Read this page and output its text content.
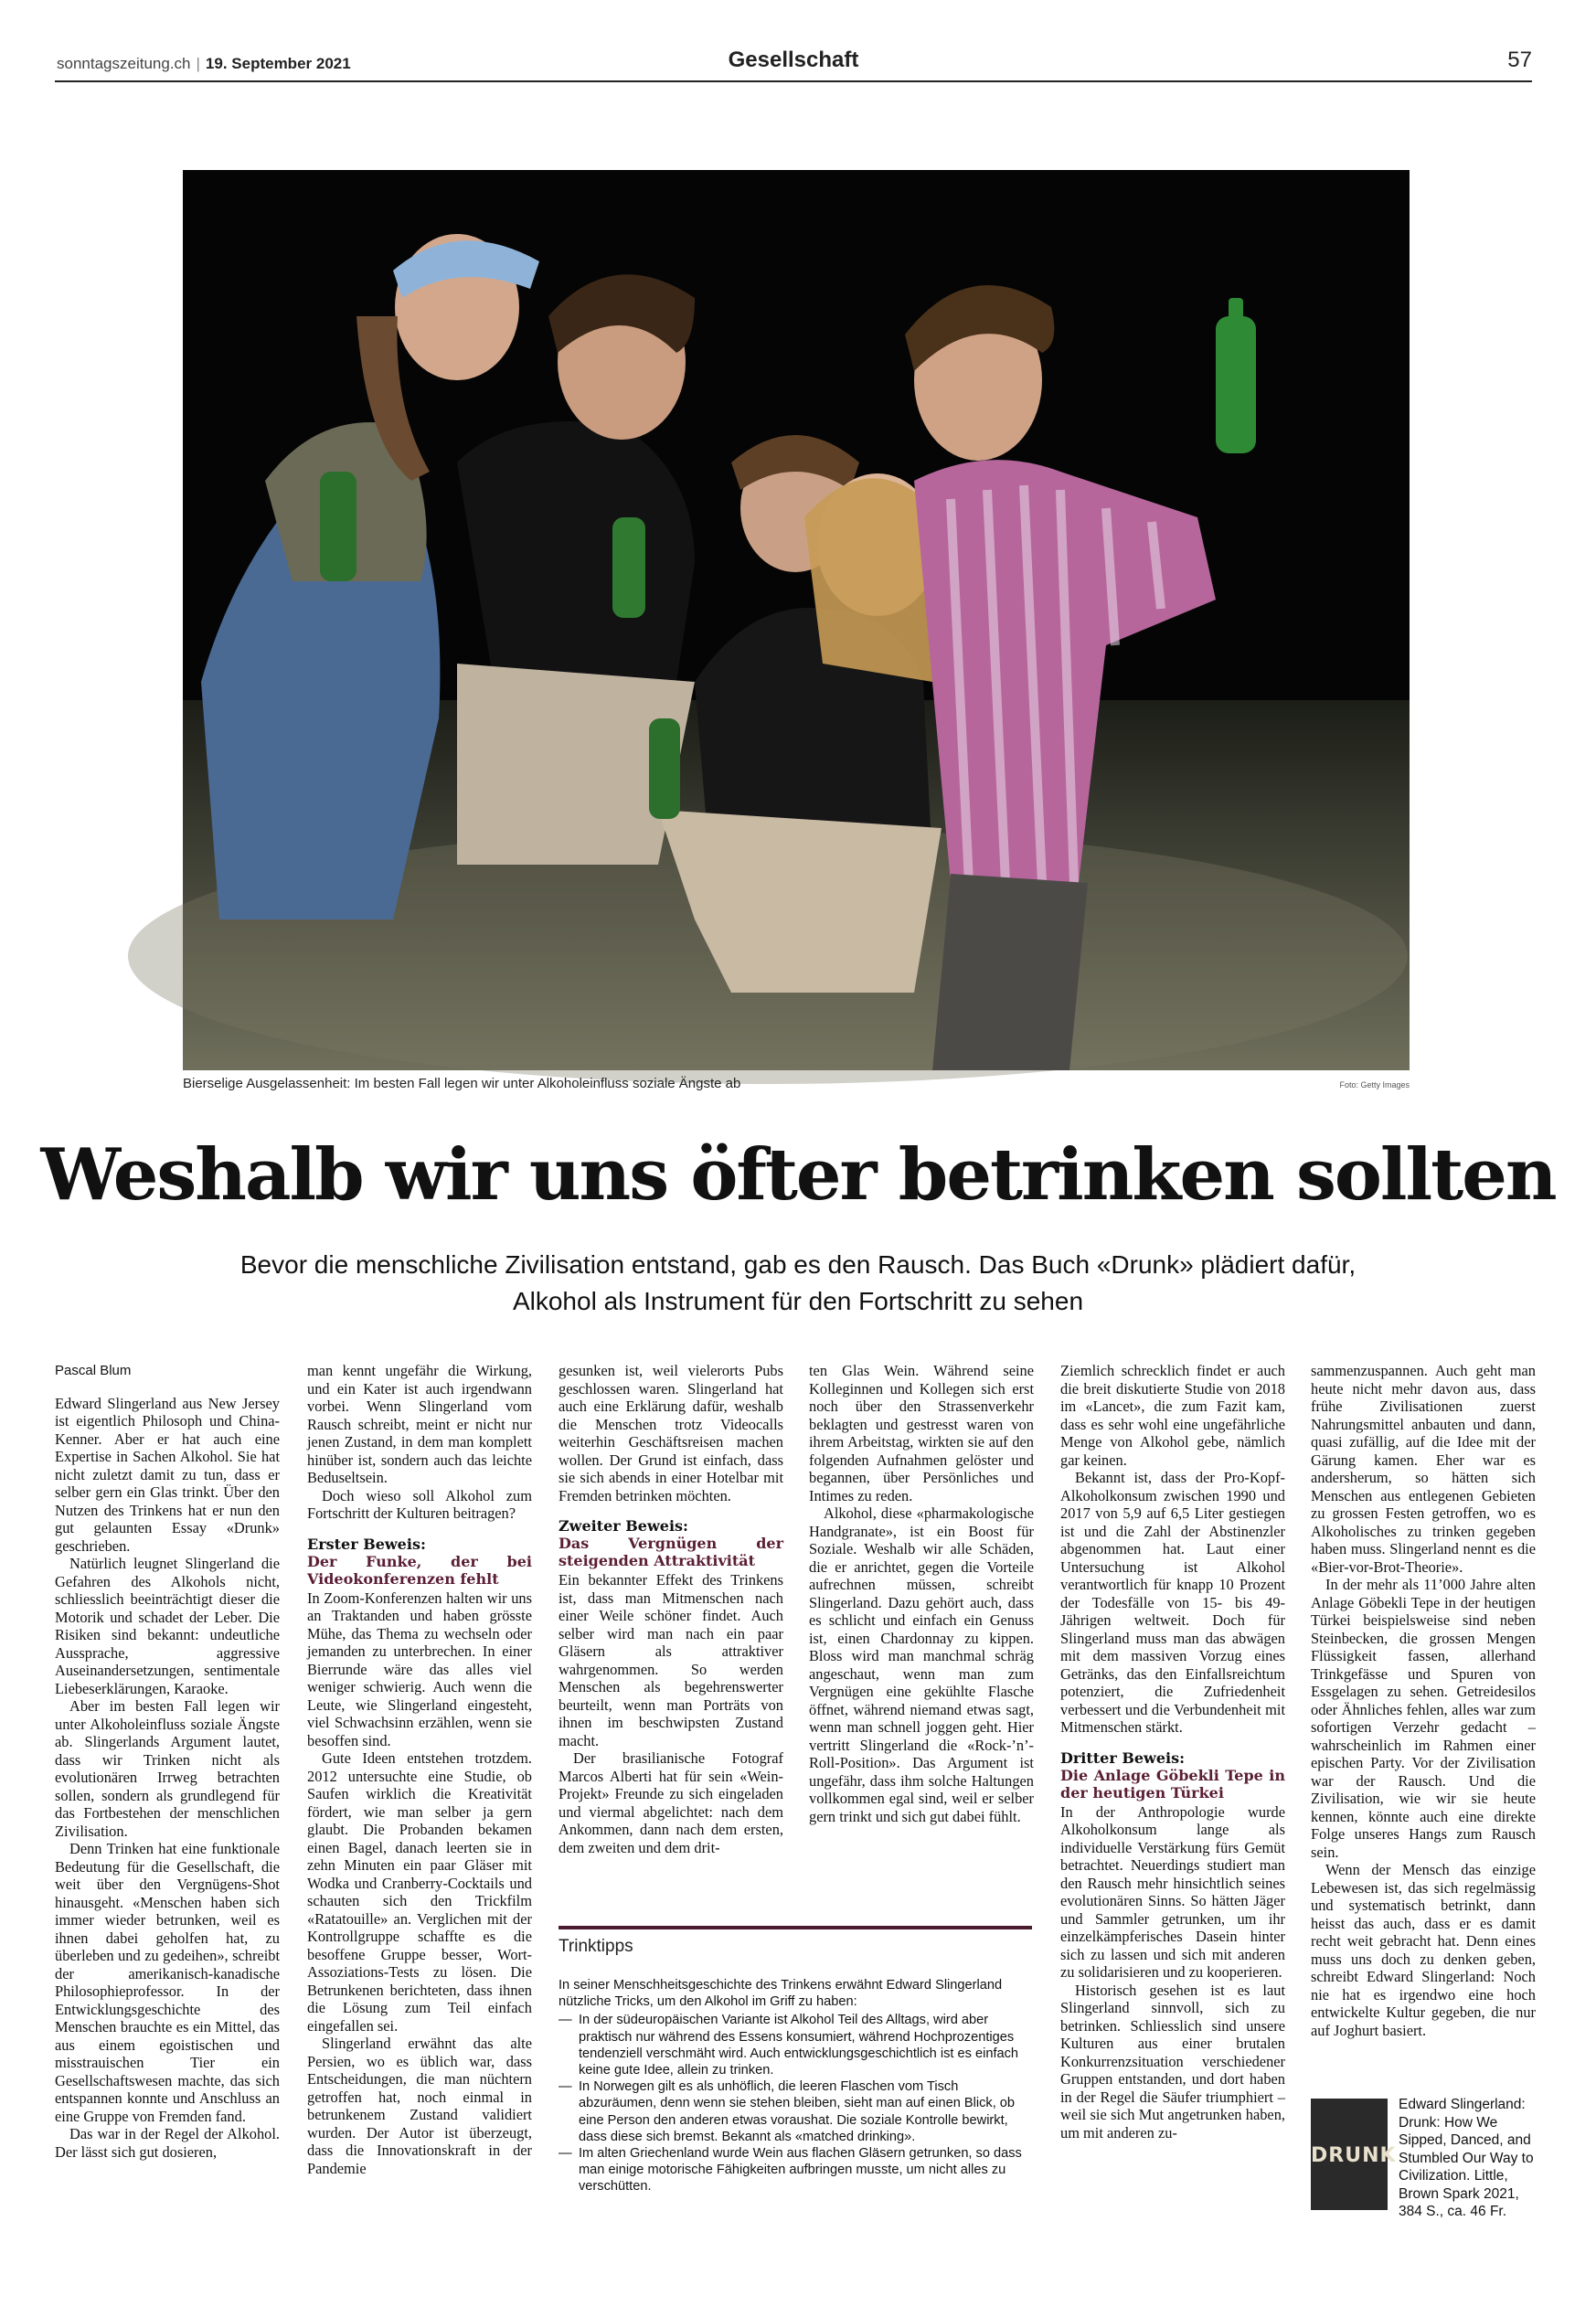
sonntagszeitung.ch | 19. September 2021	Gesellschaft	57
Bierselige Ausgelassenheit: Im besten Fall legen wir unter Alkoholeinfluss soziale Ängste ab	Foto: Getty Images
Weshalb wir uns öfter betrinken sollten
Bevor die menschliche Zivilisation entstand, gab es den Rausch. Das Buch «Drunk» plädiert dafür,
Alkohol als Instrument für den Fortschritt zu sehen

Pascal Blum

Edward Slingerland aus New Jersey ist eigentlich Philosoph und China-Kenner. Aber er hat auch eine Expertise in Sachen Alkohol. Sie hat nicht zuletzt damit zu tun, dass er selber gern ein Glas trinkt. Über den Nutzen des Trinkens hat er nun den gut gelaunten Essay «Drunk» geschrieben.

Natürlich leugnet Slingerland die Gefahren des Alkohols nicht, schliesslich beeinträchtigt dieser die Motorik und schadet der Leber. Die Risiken sind bekannt: undeutliche Aussprache, aggressive Auseinandersetzungen, sentimentale Liebeserklärungen, Karaoke.

Aber im besten Fall legen wir unter Alkoholeinfluss soziale Ängste ab. Slingerlands Argument lautet, dass wir Trinken nicht als evolutionären Irrweg betrachten sollen, sondern als grundlegend für das Fortbestehen der menschlichen Zivilisation.

Denn Trinken hat eine funktionale Bedeutung für die Gesellschaft, die weit über den Vergnügens-Shot hinausgeht. «Menschen haben sich immer wieder betrunken, weil es ihnen dabei geholfen hat, zu überleben und zu gedeihen», schreibt der amerikanisch-kanadische Philosophieprofessor. In der Entwicklungsgeschichte des Menschen brauchte es ein Mittel, das aus einem egoistischen und misstrauischen Tier ein Gesellschaftswesen machte, das sich entspannen konnte und Anschluss an eine Gruppe von Fremden fand.

Das war in der Regel der Alkohol. Der lässt sich gut dosieren,

man kennt ungefähr die Wirkung, und ein Kater ist auch irgendwann vorbei. Wenn Slingerland vom Rausch schreibt, meint er nicht nur jenen Zustand, in dem man komplett hinüber ist, sondern auch das leichte Beduseltsein.

Doch wieso soll Alkohol zum Fortschritt der Kulturen beitragen?

Erster Beweis:
Der Funke, der bei Videokonferenzen fehlt

In Zoom-Konferenzen halten wir uns an Traktanden und haben grösste Mühe, das Thema zu wechseln oder jemanden zu unterbrechen. In einer Bierrunde wäre das alles viel weniger schwierig. Auch wenn die Leute, wie Slingerland eingesteht, viel Schwachsinn erzählen, wenn sie besoffen sind.

Gute Ideen entstehen trotzdem. 2012 untersuchte eine Studie, ob Saufen wirklich die Kreativität fördert, wie man selber ja gern glaubt. Die Probanden bekamen einen Bagel, danach leerten sie in zehn Minuten ein paar Gläser mit Wodka und Cranberry-Cocktails und schauten sich den Trickfilm «Ratatouille» an. Verglichen mit der Kontrollgruppe schaffte es die besoffene Gruppe besser, Wort-Assoziations-Tests zu lösen. Die Betrunkenen berichteten, dass ihnen die Lösung zum Teil einfach eingefallen sei.

Slingerland erwähnt das alte Persien, wo es üblich war, dass Entscheidungen, die man nüchtern getroffen hat, noch einmal in betrunkenem Zustand validiert wurden. Der Autor ist überzeugt, dass die Innovationskraft in der Pandemie

gesunken ist, weil vielerorts Pubs geschlossen waren. Slingerland hat auch eine Erklärung dafür, weshalb die Menschen trotz Videocalls weiterhin Geschäftsreisen machen wollen. Der Grund ist einfach, dass sie sich abends in einer Hotelbar mit Fremden betrinken möchten.

Zweiter Beweis:
Das Vergnügen der steigenden Attraktivität

Ein bekannter Effekt des Trinkens ist, dass man Mitmenschen nach einer Weile schöner findet. Auch selber wird man nach ein paar Gläsern als attraktiver wahrgenommen. So werden Menschen als begehrenswerter beurteilt, wenn man Porträts von ihnen im beschwipsten Zustand macht.

Der brasilianische Fotograf Marcos Alberti hat für sein «Wein-Projekt» Freunde zu sich eingeladen und viermal abgelichtet: nach dem Ankommen, dann nach dem ersten, dem zweiten und dem drit-

ten Glas Wein. Während seine Kolleginnen und Kollegen sich erst noch über den Strassenverkehr beklagten und gestresst waren von ihrem Arbeitstag, wirkten sie auf den folgenden Aufnahmen gelöster und begannen, über Persönliches und Intimes zu reden.

Alkohol, diese «pharmakologische Handgranate», ist ein Boost für Soziale. Weshalb wir alle Schäden, die er anrichtet, gegen die Vorteile aufrechnen müssen, schreibt Slingerland. Dazu gehört auch, dass es schlicht und einfach ein Genuss ist, einen Chardonnay zu kippen. Bloss wird man manchmal schräg angeschaut, wenn man zum Vergnügen eine gekühlte Flasche öffnet, während niemand etwas sagt, wenn man schnell joggen geht. Hier vertritt Slingerland die «Rock-’n’-Roll-Position». Das Argument ist ungefähr, dass ihm solche Haltungen vollkommen egal sind, weil er selber gern trinkt und sich gut dabei fühlt.

Trinktipps

In seiner Menschheitsgeschichte des Trinkens erwähnt Edward Slingerland nützliche Tricks, um den Alkohol im Griff zu haben:

— In der südeuropäischen Variante ist Alkohol Teil des Alltags, wird aber praktisch nur während des Essens konsumiert, während Hochprozentiges tendenziell verschmäht wird. Auch entwicklungsgeschichtlich ist es einfach keine gute Idee, allein zu trinken.
— In Norwegen gilt es als unhöflich, die leeren Flaschen vom Tisch abzuräumen, denn wenn sie stehen bleiben, sieht man auf einen Blick, ob eine Person den anderen etwas voraushat. Die soziale Kontrolle bewirkt, dass diese sich bremst. Bekannt als «matched drinking».
— Im alten Griechenland wurde Wein aus flachen Gläsern getrunken, so dass man einige motorische Fähigkeiten aufbringen musste, um nicht alles zu verschütten.

Ziemlich schrecklich findet er auch die breit diskutierte Studie von 2018 im «Lancet», die zum Fazit kam, dass es sehr wohl eine ungefährliche Menge von Alkohol gebe, nämlich gar keinen.

Bekannt ist, dass der Pro-Kopf-Alkoholkonsum zwischen 1990 und 2017 von 5,9 auf 6,5 Liter gestiegen ist und die Zahl der Abstinenzler abgenommen hat. Laut einer Untersuchung ist Alkohol verantwortlich für knapp 10 Prozent der Todesfälle von 15- bis 49-Jährigen weltweit. Doch für Slingerland muss man das abwägen mit dem massiven Vorzug eines Getränks, das den Einfallsreichtum potenziert, die Zufriedenheit verbessert und die Verbundenheit mit Mitmenschen stärkt.

Dritter Beweis:
Die Anlage Göbekli Tepe in der heutigen Türkei

In der Anthropologie wurde Alkoholkonsum lange als individuelle Verstärkung fürs Gemüt betrachtet. Neuerdings studiert man den Rausch mehr hinsichtlich seines evolutionären Sinns. So hätten Jäger und Sammler getrunken, um ihr einzelkämpferisches Dasein hinter sich zu lassen und sich mit anderen zu solidarisieren und zu kooperieren.

Historisch gesehen ist es laut Slingerland sinnvoll, sich zu betrinken. Schliesslich sind unsere Kulturen aus einer brutalen Konkurrenzsituation verschiedener Gruppen entstanden, und dort haben in der Regel die Säufer triumphiert – weil sie sich Mut angetrunken haben, um mit anderen zu-

sammenzuspannen. Auch geht man heute nicht mehr davon aus, dass frühe Zivilisationen zuerst Nahrungsmittel anbauten und dann, quasi zufällig, auf die Idee mit der Gärung kamen. Eher war es andersherum, so hätten sich Menschen aus entlegenen Gebieten zu grossen Festen getroffen, wo es Alkoholisches zu trinken gegeben haben muss. Slingerland nennt es die «Bier-vor-Brot-Theorie».

In der mehr als 11’000 Jahre alten Anlage Göbekli Tepe in der heutigen Türkei beispielsweise sind neben Steinbecken, die grossen Mengen Flüssigkeit fassen, allerhand Trinkgefässe und Spuren von Essgelagen zu sehen. Getreidesilos oder Ähnliches fehlen, alles war zum sofortigen Verzehr gedacht – wahrscheinlich im Rahmen einer epischen Party. Vor der Zivilisation war der Rausch. Und die Zivilisation, wie wir sie heute kennen, könnte auch eine direkte Folge unseres Hangs zum Rausch sein.

Wenn der Mensch das einzige Lebewesen ist, das sich regelmässig und systematisch betrinkt, dann heisst das auch, dass er es damit recht weit gebracht hat. Denn eines muss uns doch zu denken geben, schreibt Edward Slingerland: Noch nie hat es irgendwo eine hoch entwickelte Kultur gegeben, die nur auf Joghurt basiert.

DRUNK
Edward Slingerland: Drunk: How We Sipped, Danced, and Stumbled Our Way to Civilization. Little, Brown Spark 2021, 384 S., ca. 46 Fr.
